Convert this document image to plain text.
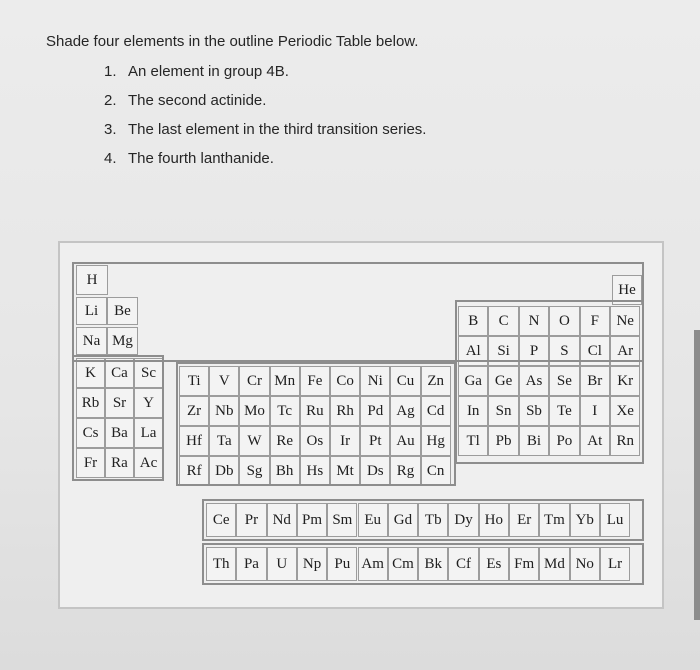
Shade four elements in the outline Periodic Table below.
1. An element in group 4B.
2. The second actinide.
3. The last element in the third transition series.
4. The fourth lanthanide.
H
He
Li	Be
Na Mg
B	C	N	O	F	Ne
Al	Si	P	S	Cl	Ar
K	Ca Sc
Rb Sr	Y
Cs Ba La
Fr Ra Ac
Ti	V	Cr Mn Fe Co Ni Cu Zn
Zr Nb Mo Tc Ru Rh Pd Ag Cd
Hf Ta	W Re Os	Ir	Pt Au Hg
Rf Db Sg Bh Hs Mt Ds Rg Cn
Ga Ge As Se	Br	Kr
In	Sn Sb	Te	I	Xe
Tl	Pb	Bi	Po At Rn
Ce	Pr Nd Pm Sm Eu Gd Tb Dy Ho Er Tm Yb Lu
Th Pa	U	Np Pu Am Cm Bk Cf	Es Fm Md No Lr
